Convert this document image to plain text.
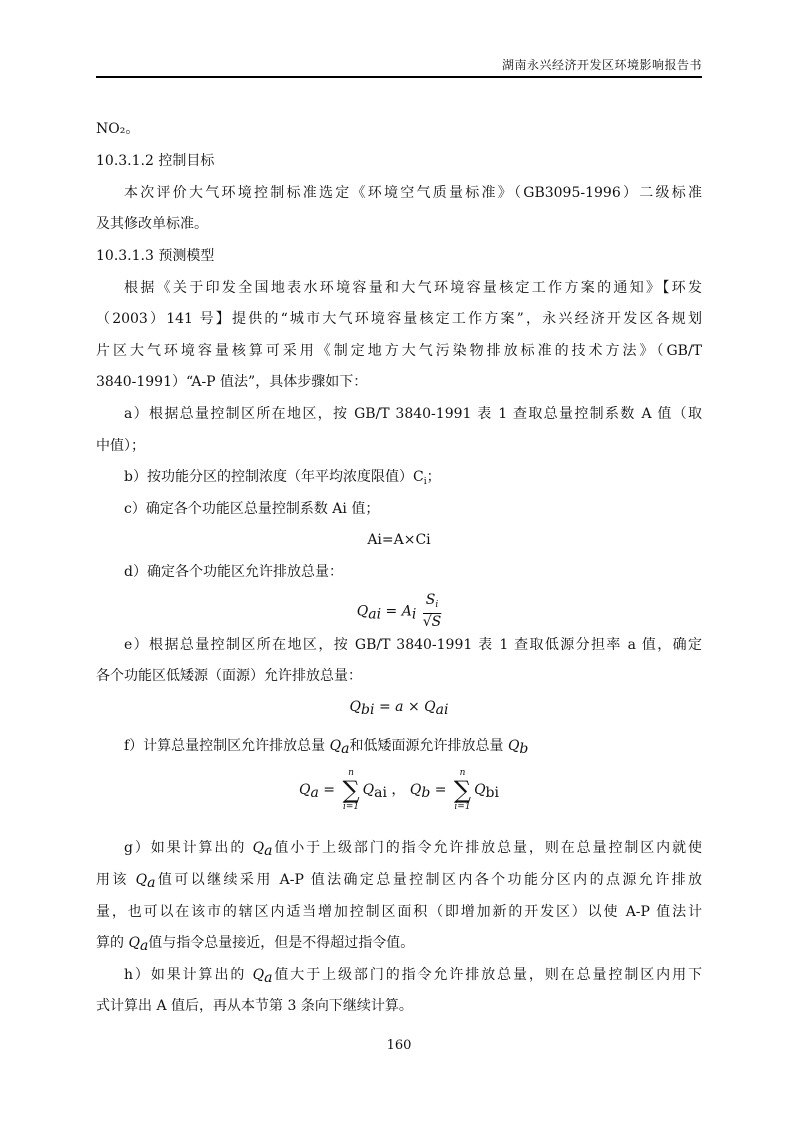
湖南永兴经济开发区环境影响报告书
NO₂。
10.3.1.2 控制目标
本次评价大气环境控制标准选定《环境空气质量标准》（GB3095-1996）二级标准
及其修改单标准。
10.3.1.3 预测模型
根据《关于印发全国地表水环境容量和大气环境容量核定工作方案的通知》【环发
（2003）141 号】提供的“城市大气环境容量核定工作方案”，永兴经济开发区各规划
片区大气环境容量核算可采用《制定地方大气污染物排放标准的技术方法》（GB/T
3840-1991）“A-P 值法”，具体步骤如下：
a）根据总量控制区所在地区，按 GB/T 3840-1991 表 1 查取总量控制系数 A 值（取
中值）；
b）按功能分区的控制浓度（年平均浓度限值）$C_i$；
c）确定各个功能区总量控制系数 Ai 值；
Ai=A×Ci
d）确定各个功能区允许排放总量：
$Q_{ai} = A_i \frac{S_i}{√S}$
e）根据总量控制区所在地区，按 GB/T 3840-1991 表 1 查取低源分担率 a 值，确定
各个功能区低矮源（面源）允许排放总量：
$Q_{bi} = a \times Q_{ai}$
f）计算总量控制区允许排放总量 $Q_a$和低矮面源允许排放总量 $Q_b$
$Q_a$ =
n
∑
i=1
$Q_{ai}$ ， $Q_b$ =
n
∑
i=1
$Q_{bi}$
g）如果计算出的 $Q_a$值小于上级部门的指令允许排放总量，则在总量控制区内就使
用该 $Q_a$值可以继续采用 A-P 值法确定总量控制区内各个功能分区内的点源允许排放
量，也可以在该市的辖区内适当增加控制区面积（即增加新的开发区）以使 A-P 值法计
算的 $Q_a$值与指令总量接近，但是不得超过指令值。
h）如果计算出的 $Q_a$值大于上级部门的指令允许排放总量，则在总量控制区内用下
式计算出 A 值后，再从本节第 3 条向下继续计算。
160
